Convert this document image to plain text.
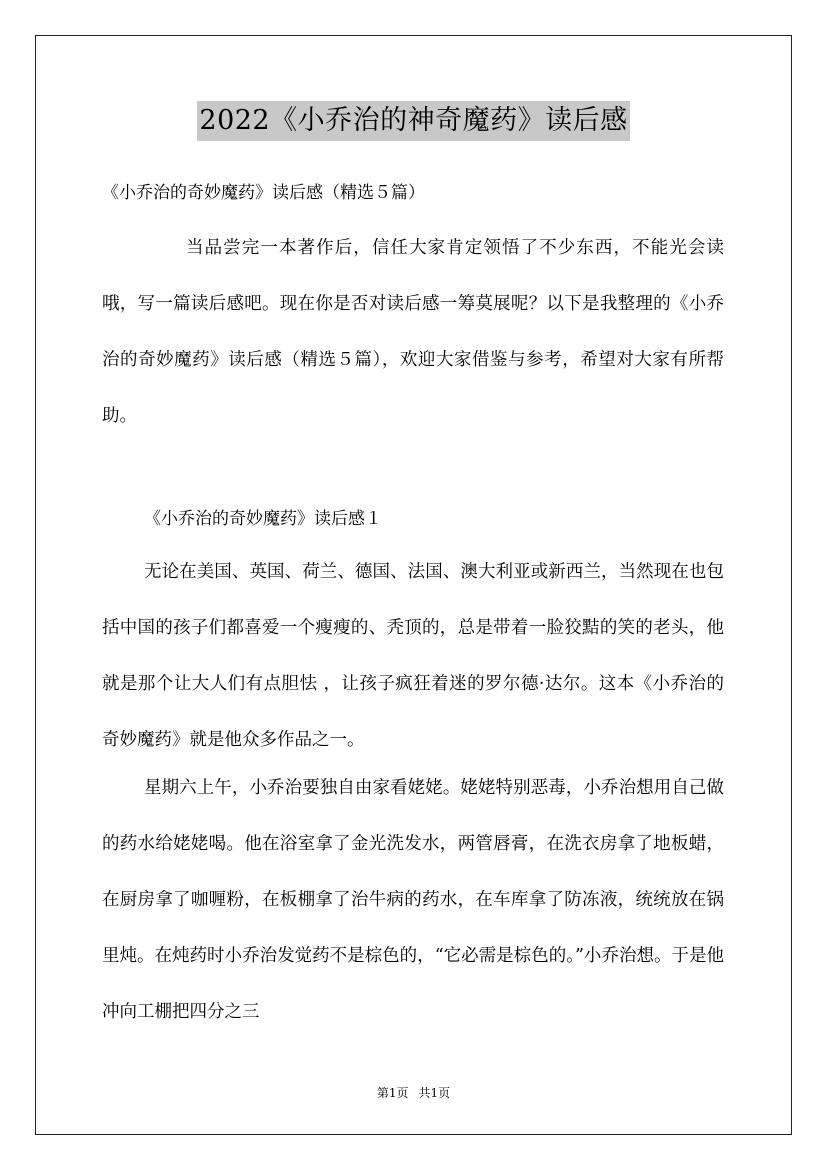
2022《小乔治的神奇魔药》读后感
《小乔治的奇妙魔药》读后感（精选５篇）

当品尝完一本著作后，信任大家肯定领悟了不少东西，不能光会读哦，写一篇读后感吧。现在你是否对读后感一筹莫展呢？以下是我整理的《小乔治的奇妙魔药》读后感（精选５篇），欢迎大家借鉴与参考，希望对大家有所帮助。

《小乔治的奇妙魔药》读后感１

无论在美国、英国、荷兰、德国、法国、澳大利亚或新西兰，当然现在也包括中国的孩子们都喜爱一个瘦瘦的、秃顶的，总是带着一脸狡黠的笑的老头，他就是那个让大人们有点胆怯 ，让孩子疯狂着迷的罗尔德·达尔。这本《小乔治的奇妙魔药》就是他众多作品之一。

星期六上午，小乔治要独自由家看姥姥。姥姥特别恶毒，小乔治想用自己做的药水给姥姥喝。他在浴室拿了金光洗发水，两管唇膏，在洗衣房拿了地板蜡，在厨房拿了咖喱粉，在板棚拿了治牛病的药水，在车库拿了防冻液，统统放在锅里炖。在炖药时小乔治发觉药不是棕色的，“它必需是棕色的。”小乔治想。于是他冲向工棚把四分之三

第1页 共1页
